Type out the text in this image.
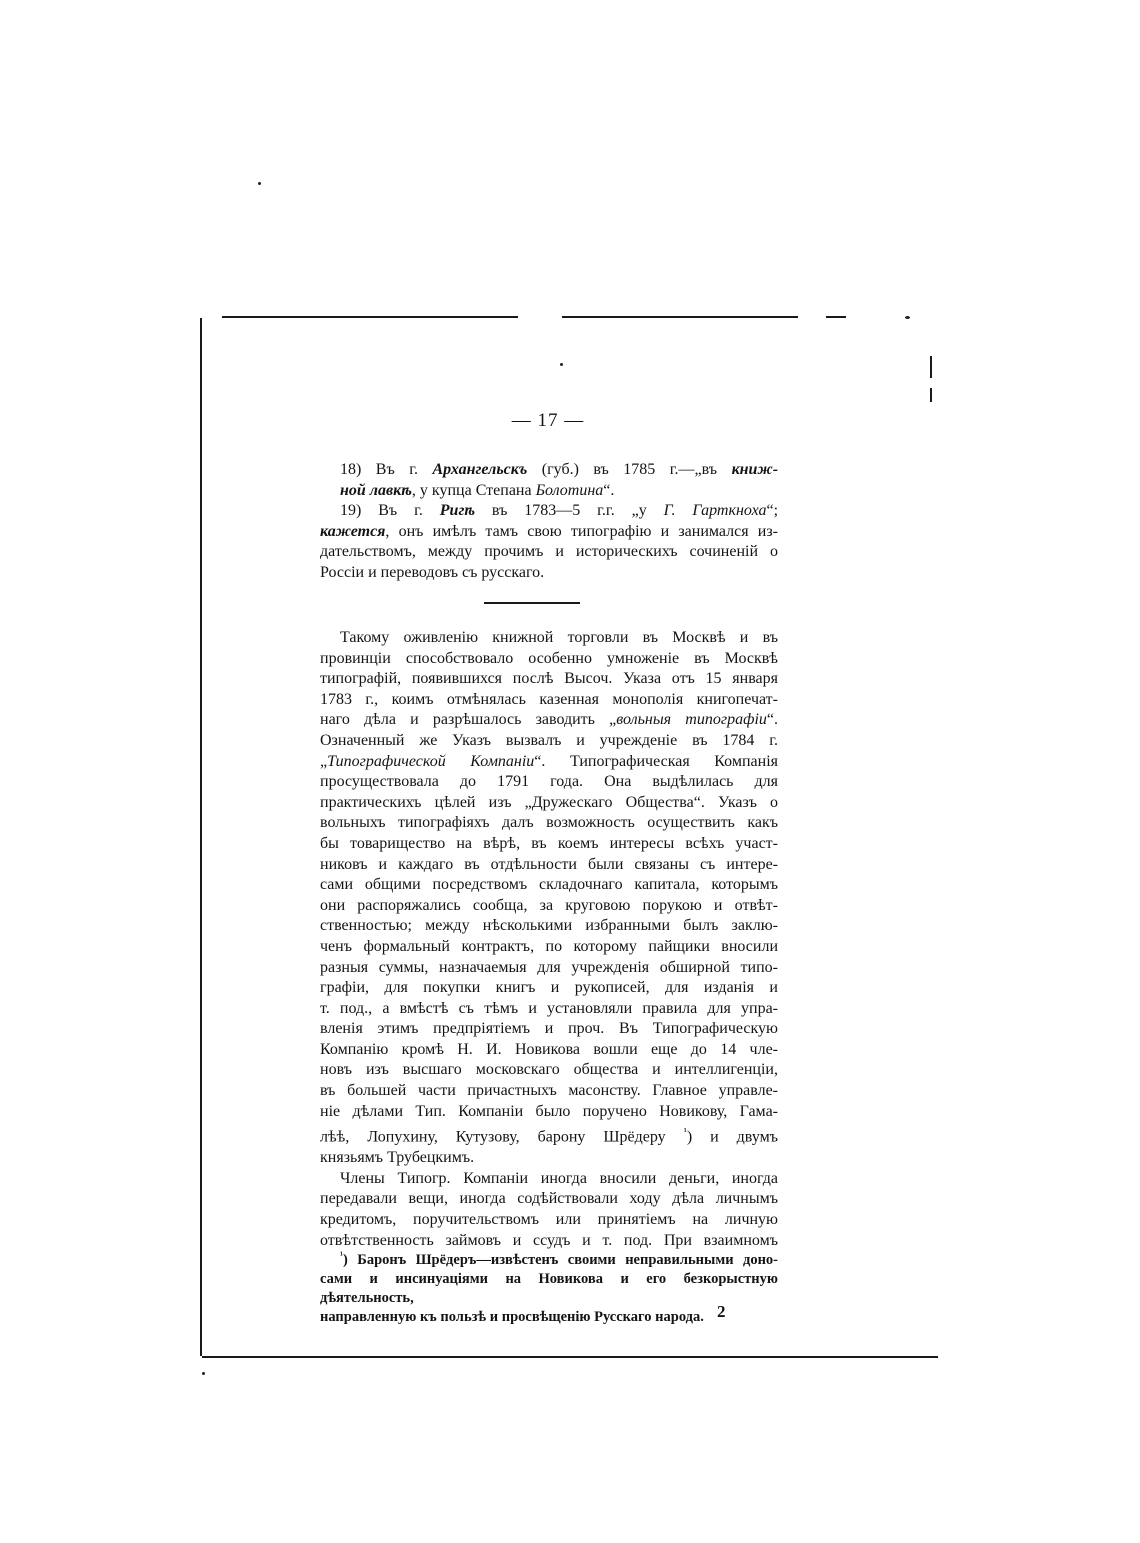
— 17 —

18) Въ г. Архангельскъ (губ.) въ 1785 г.—„въ книж-
ной лавкѣ, у купца Степана Болотина“.

19) Въ г. Ригѣ въ 1783—5 г.г. „у Г. Гарткноха“;
кажется, онъ имѣлъ тамъ свою типографію и занимался из-
дательствомъ, между прочимъ и историческихъ сочиненій о
Россіи и переводовъ съ русскаго.

Такому оживленію книжной торговли въ Москвѣ и въ
провинціи способствовало особенно умноженіе въ Москвѣ
типографій, появившихся послѣ Высоч. Указа отъ 15 января
1783 г., коимъ отмѣнялась казенная монополія книгопечат-
наго дѣла и разрѣшалось заводить „вольныя типографіи“.
Означенный же Указъ вызвалъ и учрежденіе въ 1784 г.
„Типографической Компаніи“. Типографическая Компанія
просуществовала до 1791 года. Она выдѣлилась для
практическихъ цѣлей изъ „Дружескаго Общества“. Указъ о
вольныхъ типографіяхъ далъ возможность осуществить какъ
бы товарищество на вѣрѣ, въ коемъ интересы всѣхъ участ-
никовъ и каждаго въ отдѣльности были связаны съ интере-
сами общими посредствомъ складочнаго капитала, которымъ
они распоряжались сообща, за круговою порукою и отвѣт-
ственностью; между нѣсколькими избранными былъ заклю-
ченъ формальный контрактъ, по которому пайщики вносили
разныя суммы, назначаемыя для учрежденія обширной типо-
графіи, для покупки книгъ и рукописей, для изданія и
т. под., а вмѣстѣ съ тѣмъ и установляли правила для упра-
вленія этимъ предпріятіемъ и проч. Въ Типографическую
Компанію кромѣ Н. И. Новикова вошли еще до 14 чле-
новъ изъ высшаго московскаго общества и интеллигенціи,
въ большей части причастныхъ масонству. Главное управле-
ніе дѣлами Тип. Компаніи было поручено Новикову, Гама-
лѣѣ, Лопухину, Кутузову, барону Шрёдеру $^{^1}$) и двумъ
князьямъ Трубецкимъ.

Члены Типогр. Компаніи иногда вносили деньги, иногда
передавали вещи, иногда содѣйствовали ходу дѣла личнымъ
кредитомъ, поручительствомъ или принятіемъ на личную
отвѣтственность займовъ и ссудъ и т. под. При взаимномъ

$^{^1}$) Баронъ Шрёдеръ—извѣстенъ своими неправильными доно-
сами и инсинуаціями на Новикова и его безкорыстную дѣятельность,
направленную къ пользѣ и просвѣщенію Русскаго народа. 2
